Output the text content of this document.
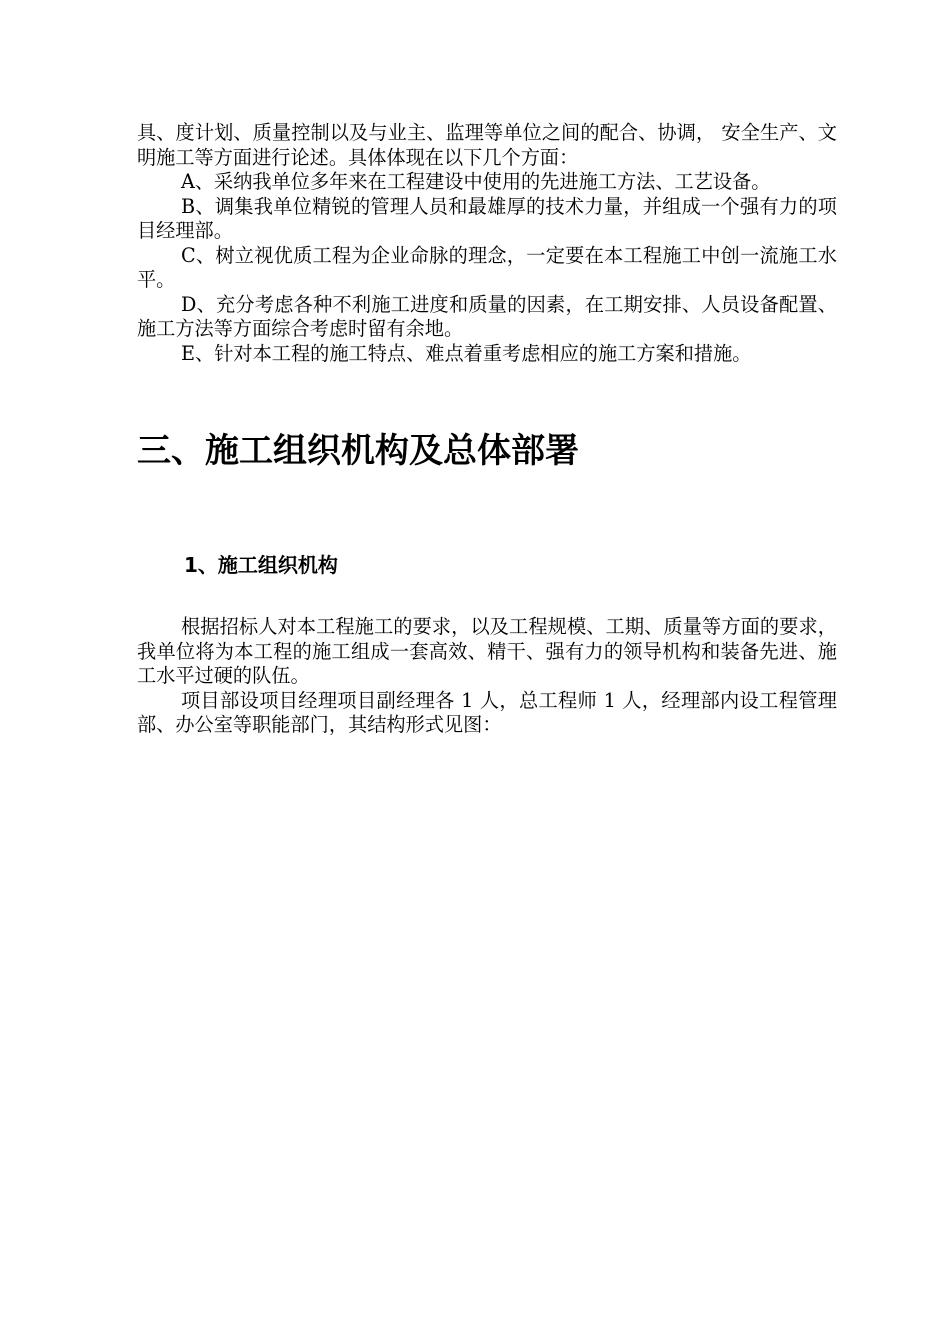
具、度计划、质量控制以及与业主、监理等单位之间的配合、协调， 安全生产、文明施工等方面进行论述。具体体现在以下几个方面：

A、采纳我单位多年来在工程建设中使用的先进施工方法、工艺设备。

B、调集我单位精锐的管理人员和最雄厚的技术力量，并组成一个强有力的项目经理部。

C、树立视优质工程为企业命脉的理念，一定要在本工程施工中创一流施工水平。

D、充分考虑各种不利施工进度和质量的因素，在工期安排、人员设备配置、施工方法等方面综合考虑时留有余地。

E、针对本工程的施工特点、难点着重考虑相应的施工方案和措施。

三、施工组织机构及总体部署
1、施工组织机构

根据招标人对本工程施工的要求，以及工程规模、工期、质量等方面的要求，我单位将为本工程的施工组成一套高效、精干、强有力的领导机构和装备先进、施工水平过硬的队伍。

项目部设项目经理项目副经理各 1 人，总工程师 1 人，经理部内设工程管理部、办公室等职能部门，其结构形式见图：
